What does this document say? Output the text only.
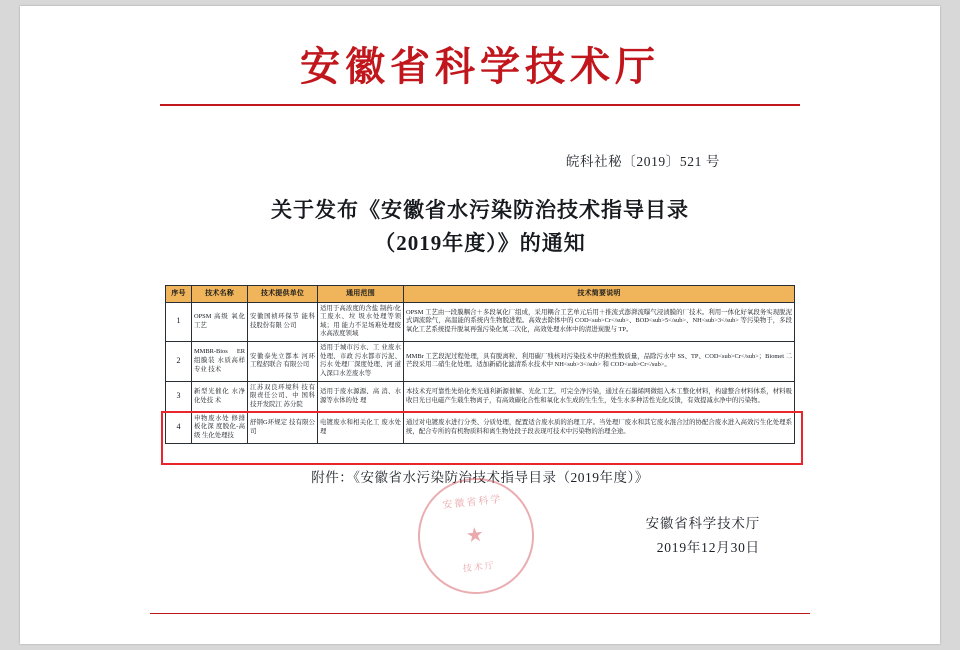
安徽省科学技术厅
皖科社秘〔2019〕521 号
关于发布《安徽省水污染防治技术指导目录
（2019年度）》的通知
序号	技术名称	技术提供单位	通用范围	技术简要说明
1	OPSM 高级 氧化工艺	安徽国祯环保节 能科技股份有限 公司	适用于高浓度的含盐 制药/化工废水、垃 圾水处理等领域；用 能力不足场难处理废 水高浓度领域	OPSM 工艺由一段膜耦合＋多段氧化厂组成，采用耦合工艺单元后用＋推流式澎湃流曝气浸渍膜的厂技术。利用一体化好氧段务实现脱泥式调流除气，高温能的系统内生物脱进程。高效去除体中的 COD<sub>Cr</sub>、BOD<sub>5</sub>、NH<sub>3</sub> 等污染物于，多段氧化工艺系统提升脱氧再强污染化氮二次化，高效处理水体中的清进炭脱与 TP。
2	MMBR-Bios ER 组膜装 水质高样专业 技术	安徽泰先立都本 河环工程招联合 有限公司	适用于城市污水、工 业废水处理、市政 污水都市污泥、污水 处理厂深度处理、河 道入深口水差废水等	MMBr 工艺段泥过程处理，具有脱离粒、利用碳厂残核对污染技术中的粒性数质量，品除污水中 SS、TP、COD<sub>Cr</sub>；Biomet 二芒段采用二硝生化处理。适加新硝化滤清系水技术中 NH<sub>3</sub> 和 COD<sub>Cr</sub>。
3	新型光催化 水净化处技 术	江苏双良环境科 技有限责任公司、中 国科技开发院江 苏分院	适用于废水源源、高 消、水源等水体的处 理	本技术充可靠性先焰化类光通利新源催解、光化工艺，可完全净污染，通过在石墨烯网微组入本工整化材料，构建整合材料体系，材料吸收目光日电磁产生载生物离子，有高效碳化合性和氧化水生成的生生生，处生水多种活性光化反馈，有效提减水净中的污染物。
4	申物废水处 修排板化深 度脱化-高级 生化处理技	舒钢G环规定 技有限公司	电镀废水和相关化工 废水处理	通过对电镀废水进行分类、分质处理，配置适合废水质的治理工序。当处理厂废水和其它废水混合过的协配合废水进入高效污生化处理系统，配合专所的有机物质料和离生物处段子段表现可技术中污染物的治理全途。
附件：《安徽省水污染防治技术指导目录（2019年度）》
安徽省科学
★
技术厅
安徽省科学技术厅
2019年12月30日
